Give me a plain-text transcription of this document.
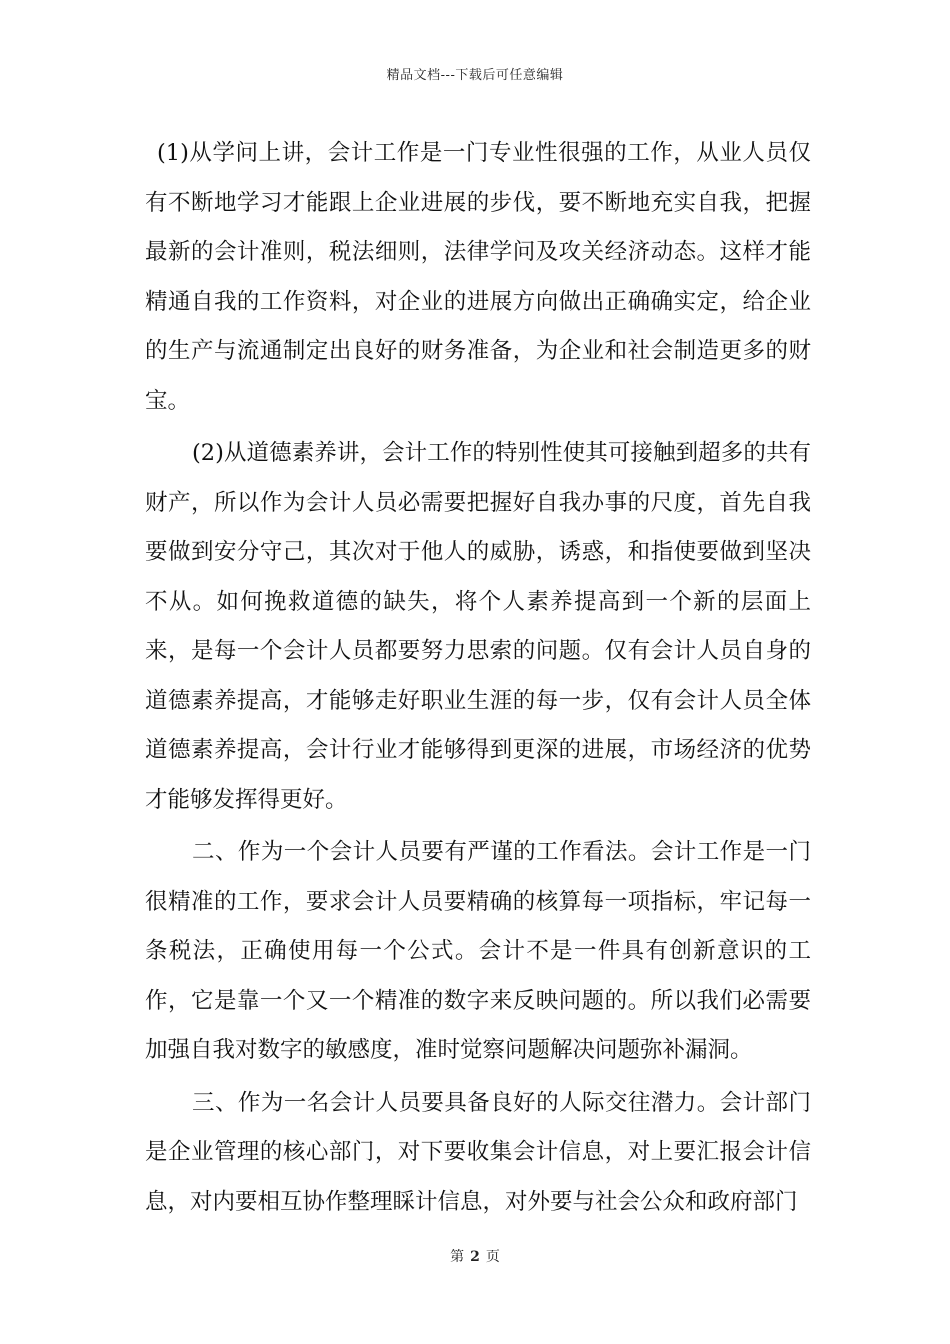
精品文档---下载后可任意编辑

(1)从学问上讲，会计工作是一门专业性很强的工作，从业人员仅有不断地学习才能跟上企业进展的步伐，要不断地充实自我，把握最新的会计准则，税法细则，法律学问及攻关经济动态。这样才能精通自我的工作资料，对企业的进展方向做出正确确实定，给企业的生产与流通制定出良好的财务准备，为企业和社会制造更多的财宝。

(2)从道德素养讲，会计工作的特别性使其可接触到超多的共有财产，所以作为会计人员必需要把握好自我办事的尺度，首先自我要做到安分守己，其次对于他人的威胁，诱惑，和指使要做到坚决不从。如何挽救道德的缺失，将个人素养提高到一个新的层面上来，是每一个会计人员都要努力思索的问题。仅有会计人员自身的道德素养提高，才能够走好职业生涯的每一步，仅有会计人员全体道德素养提高，会计行业才能够得到更深的进展，市场经济的优势才能够发挥得更好。

二、作为一个会计人员要有严谨的工作看法。会计工作是一门很精准的工作，要求会计人员要精确的核算每一项指标，牢记每一条税法，正确使用每一个公式。会计不是一件具有创新意识的工作，它是靠一个又一个精准的数字来反映问题的。所以我们必需要加强自我对数字的敏感度，准时觉察问题解决问题弥补漏洞。

三、作为一名会计人员要具备良好的人际交往潜力。会计部门是企业管理的核心部门，对下要收集会计信息，对上要汇报会计信息，对内要相互协作整理睬计信息，对外要与社会公众和政府部门

第 2 页
